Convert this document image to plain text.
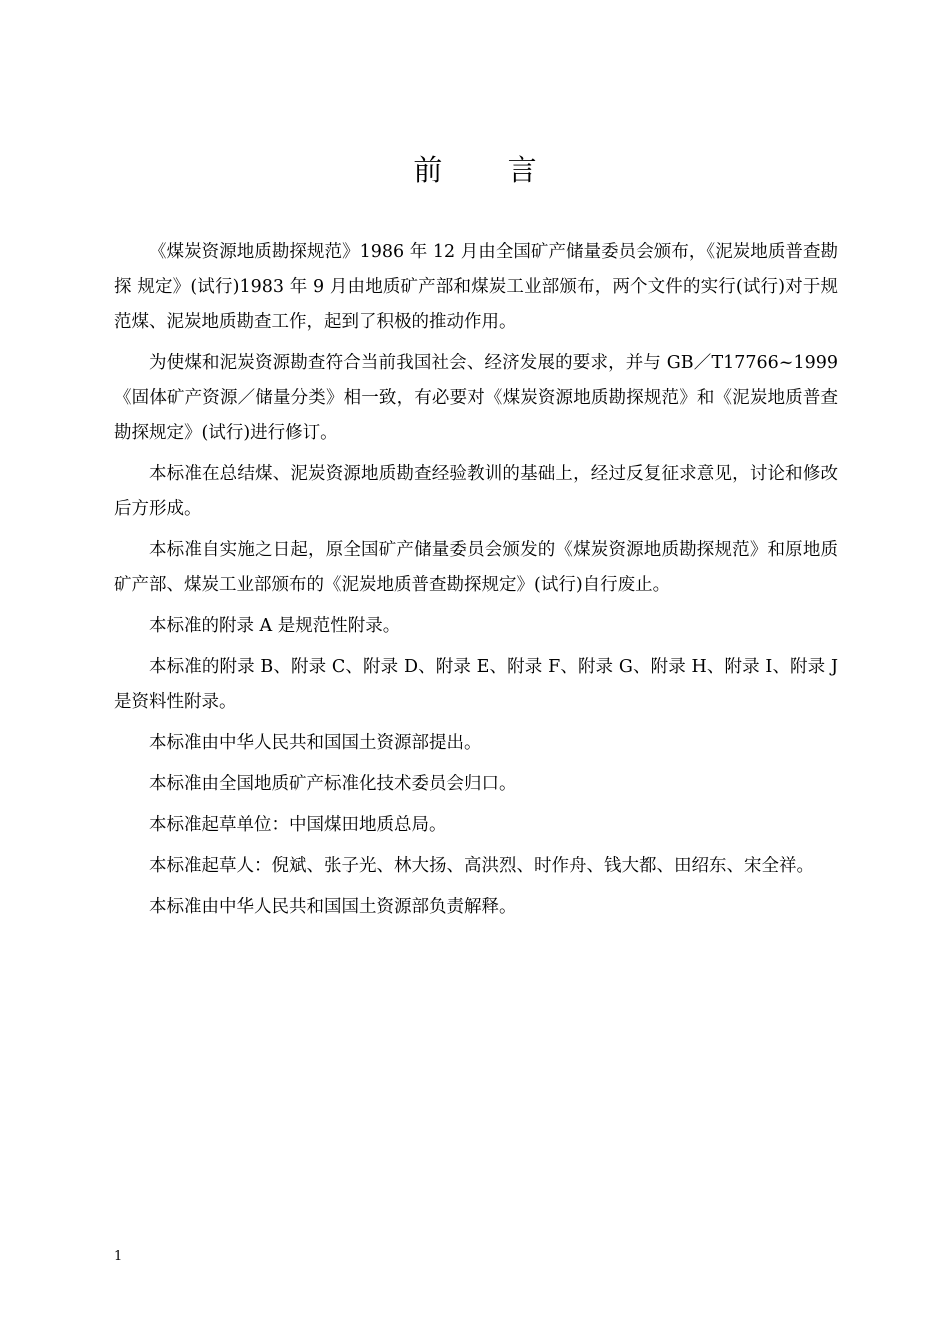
前 言

《煤炭资源地质勘探规范》1986 年 12 月由全国矿产储量委员会颁布，《泥炭地质普查勘探 规定》(试行)1983 年 9 月由地质矿产部和煤炭工业部颁布，两个文件的实行(试行)对于规范煤、泥炭地质勘查工作，起到了积极的推动作用。

为使煤和泥炭资源勘查符合当前我国社会、经济发展的要求，并与 GB／T17766~1999《固体矿产资源／储量分类》相一致，有必要对《煤炭资源地质勘探规范》和《泥炭地质普查勘探规定》(试行)进行修订。

本标准在总结煤、泥炭资源地质勘查经验教训的基础上，经过反复征求意见，讨论和修改后方形成。

本标准自实施之日起，原全国矿产储量委员会颁发的《煤炭资源地质勘探规范》和原地质矿产部、煤炭工业部颁布的《泥炭地质普查勘探规定》(试行)自行废止。

本标准的附录 A 是规范性附录。

本标准的附录 B、附录 C、附录 D、附录 E、附录 F、附录 G、附录 H、附录 I、附录 J 是资料性附录。

本标准由中华人民共和国国土资源部提出。

本标准由全国地质矿产标准化技术委员会归口。

本标准起草单位：中国煤田地质总局。

本标准起草人：倪斌、张子光、林大扬、高洪烈、时作舟、钱大都、田绍东、宋全祥。

本标准由中华人民共和国国土资源部负责解释。

1
